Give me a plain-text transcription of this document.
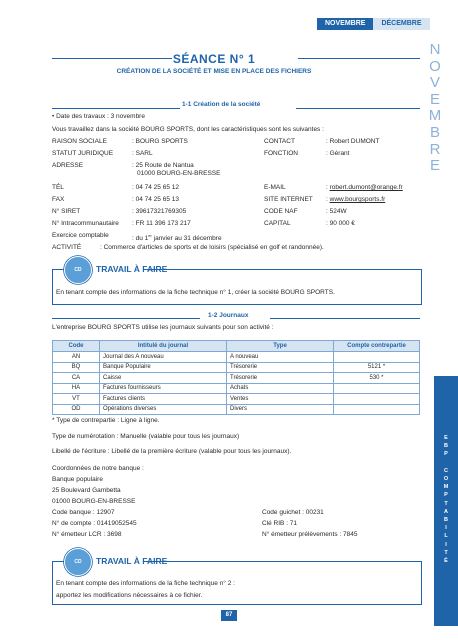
NOVEMBRE	DÉCEMBRE
N
O
V
E
M
B
R
E
E
B
P

C
O
M
P
T
A
B
I
L
I
T
É
SÉANCE N° 1
CRÉATION DE LA SOCIÉTÉ ET MISE EN PLACE DES FICHIERS
1-1 Création de la société
• Date des travaux : 3 novembre
Vous travaillez dans la société BOURG SPORTS, dont les caractéristiques sont les suivantes :
RAISON SOCIALE	: BOURG SPORTS	CONTACT	: Robert DUMONT
STATUT JURIDIQUE	: SARL	FONCTION	: Gérant
ADRESSE	: 25 Route de Nantua
01000 BOURG-EN-BRESSE
TÉL	: 04 74 25 65 12	E-MAIL	: robert.dumont@orange.fr
FAX	: 04 74 25 65 13	SITE INTERNET : www.bourgsports.fr
N° SIRET	: 39617321769305	CODE NAF	: 524W
N° Intracommunautaire : FR 11 396 173 217	CAPITAL	: 90 000 €
Exercice comptable	: du 1er janvier au 31 décembre
ACTIVITÉ	: Commerce d'articles de sports et de loisirs (spécialisé en golf et randonnée).
CD	TRAVAIL À FAIRE
En tenant compte des informations de la fiche technique n° 1, créer la société BOURG SPORTS.
1-2 Journaux
L'entreprise BOURG SPORTS utilise les journaux suivants pour son activité :
Code	Intitulé du journal	Type	Compte contrepartie
AN	Journal des A nouveau	A nouveau	
BQ	Banque Populaire	Trésorerie	5121 *
CA	Caisse	Trésorerie	530 *
HA	Factures fournisseurs	Achats	
VT	Factures clients	Ventes	
OD	Opérations diverses	Divers	
* Type de contrepartie : Ligne à ligne.
Type de numérotation : Manuelle (valable pour tous les journaux)
Libellé de l'écriture : Libellé de la première écriture (valable pour tous les journaux).
Coordonnées de notre banque :
Banque populaire
25 Boulevard Gambetta
01000 BOURG-EN-BRESSE
Code banque : 12907	Code guichet : 00231
N° de compte : 01419052545	Clé RIB : 71
N° émetteur LCR : 3698	N° émetteur prélèvements : 7845
CD	TRAVAIL À FAIRE
En tenant compte des informations de la fiche technique n° 2 :
apportez les modifications nécessaires à ce fichier.
87
